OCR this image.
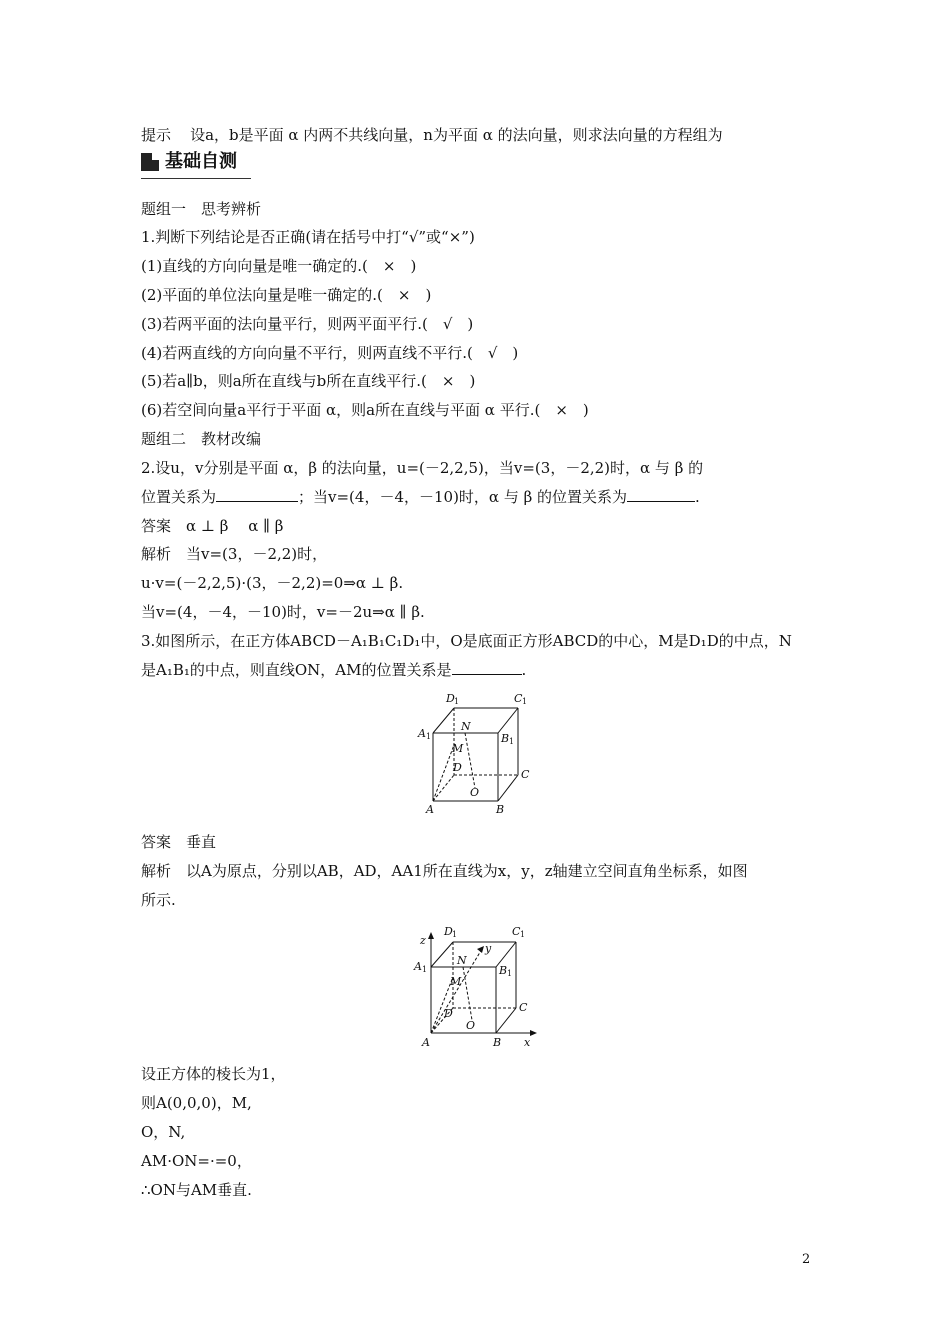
提示 设a，b是平面 α 内两不共线向量，n为平面 α 的法向量，则求法向量的方程组为
基础自测
题组一　思考辨析
1.判断下列结论是否正确(请在括号中打“√”或“×”)
(1)直线的方向向量是唯一确定的.(　×　)
(2)平面的单位法向量是唯一确定的.(　×　)
(3)若两平面的法向量平行，则两平面平行.(　√　)
(4)若两直线的方向向量不平行，则两直线不平行.(　√　)
(5)若a∥b，则a所在直线与b所在直线平行.(　×　)
(6)若空间向量a平行于平面 α，则a所在直线与平面 α 平行.(　×　)
题组二　教材改编
2.设u，v分别是平面 α，β 的法向量，u=(－2,2,5)，当v=(3，－2,2)时，α 与 β 的
位置关系为	；当v=(4，－4，－10)时，α 与 β 的位置关系为	.
答案　α ⊥ β　 α ∥ β
解析　当v=(3，－2,2)时，
u·v=(－2,2,5)·(3，－2,2)=0⇒α ⊥ β.
当v=(4，－4，－10)时，v=－2u⇒α ∥ β.
3.如图所示，在正方体ABCD－A₁B₁C₁D₁中，O是底面正方形ABCD的中心，M是D₁D的中点，N
是A₁B₁的中点，则直线ON，AM的位置关系是	.
D 1	C 1
A 1	B 1
N
M
D
C
O
A	B
答案　垂直
解析　以A为原点，分别以AB，AD，AA1所在直线为x，y，z轴建立空间直角坐标系，如图
所示.
z
y
x
D 1	C 1
A 1	B 1
N
M
D	C
O
A	B
设正方体的棱长为1，
则A(0,0,0)，M,
O，N,
AM·ON=·=0，
∴ON与AM垂直.
2
